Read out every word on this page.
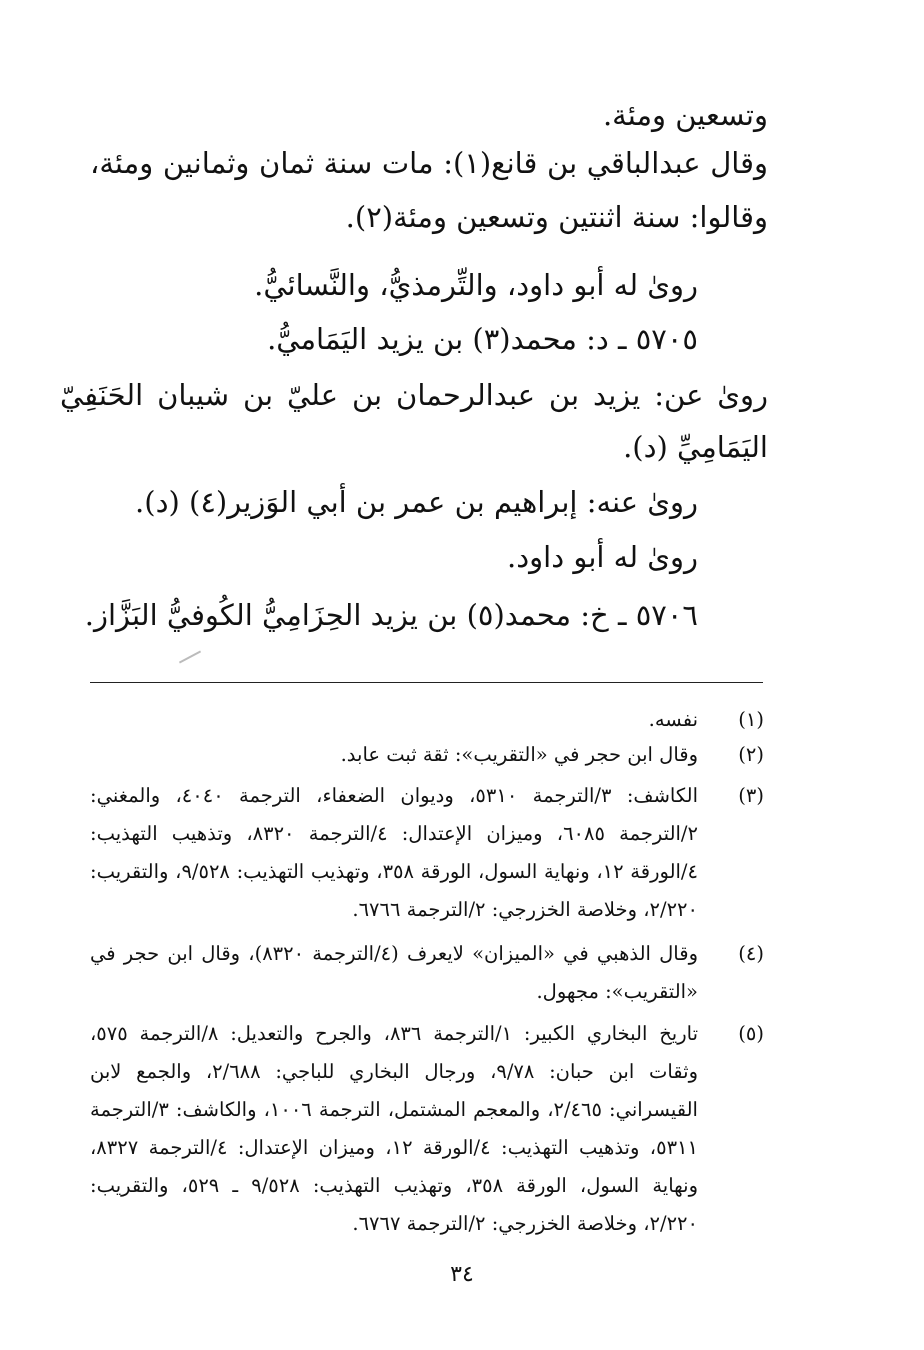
وتسعين ومئة.
وقال عبدالباقي بن قانع(١): مات سنة ثمان وثمانين ومئة،
وقالوا: سنة اثنتين وتسعين ومئة(٢).
روىٰ له أبو داود، والتِّرمذيُّ، والنَّسائيُّ.
٥٧٠٥ ـ د: محمد(٣) بن يزيد اليَمَاميُّ.
روىٰ عن: يزيد بن عبدالرحمان بن عليّ بن شيبان الحَنَفِيّ
اليَمَامِيِّ (د).
روىٰ عنه: إبراهيم بن عمر بن أبي الوَزير(٤) (د).
روىٰ له أبو داود.
٥٧٠٦ ـ خ: محمد(٥) بن يزيد الحِزَامِيُّ الكُوفيُّ البَزَّاز.
(١)
نفسه.
(٢)
وقال ابن حجر في «التقريب»: ثقة ثبت عابد.
(٣)
الكاشف: ٣/الترجمة ٥٣١٠، وديوان الضعفاء، الترجمة ٤٠٤٠، والمغني:
٢/الترجمة ٦٠٨٥، وميزان الإعتدال: ٤/الترجمة ٨٣٢٠، وتذهيب التهذيب:
٤/الورقة ١٢، ونهاية السول، الورقة ٣٥٨، وتهذيب التهذيب: ٩/٥٢٨، والتقريب:
٢/٢٢٠، وخلاصة الخزرجي: ٢/الترجمة ٦٧٦٦.
(٤)
وقال الذهبي في «الميزان» لايعرف (٤/الترجمة ٨٣٢٠)، وقال ابن حجر في
«التقريب»: مجهول.
(٥)
تاريخ البخاري الكبير: ١/الترجمة ٨٣٦، والجرح والتعديل: ٨/الترجمة ٥٧٥،
وثقات ابن حبان: ٩/٧٨، ورجال البخاري للباجي: ٢/٦٨٨، والجمع لابن
القيسراني: ٢/٤٦٥، والمعجم المشتمل، الترجمة ١٠٠٦، والكاشف: ٣/الترجمة
٥٣١١، وتذهيب التهذيب: ٤/الورقة ١٢، وميزان الإعتدال: ٤/الترجمة ٨٣٢٧،
ونهاية السول، الورقة ٣٥٨، وتهذيب التهذيب: ٩/٥٢٨ ـ ٥٢٩، والتقريب:
٢/٢٢٠، وخلاصة الخزرجي: ٢/الترجمة ٦٧٦٧.
٣٤
